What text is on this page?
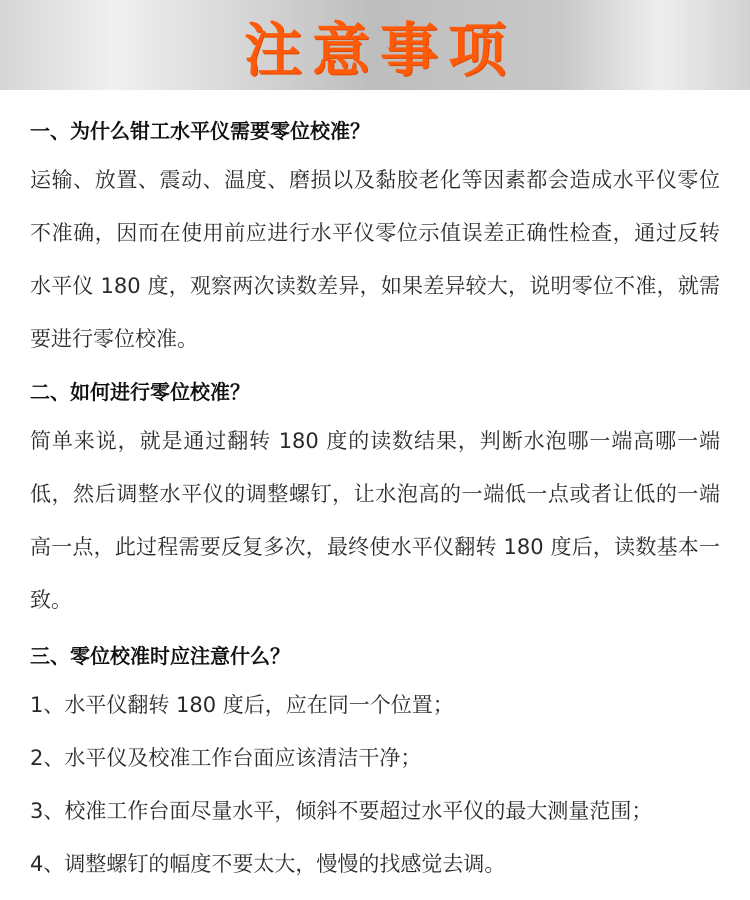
注意事项
一、为什么钳工水平仪需要零位校准？
运输、放置、震动、温度、磨损以及黏胶老化等因素都会造成水平仪零位不准确，因而在使用前应进行水平仪零位示值误差正确性检查，通过反转水平仪 180 度，观察两次读数差异，如果差异较大，说明零位不准，就需要进行零位校准。
二、如何进行零位校准？
简单来说，就是通过翻转 180 度的读数结果，判断水泡哪一端高哪一端低，然后调整水平仪的调整螺钉，让水泡高的一端低一点或者让低的一端高一点，此过程需要反复多次，最终使水平仪翻转 180 度后，读数基本一致。
三、零位校准时应注意什么？
1、水平仪翻转 180 度后，应在同一个位置；
2、水平仪及校准工作台面应该清洁干净；
3、校准工作台面尽量水平，倾斜不要超过水平仪的最大测量范围；
4、调整螺钉的幅度不要太大，慢慢的找感觉去调。
